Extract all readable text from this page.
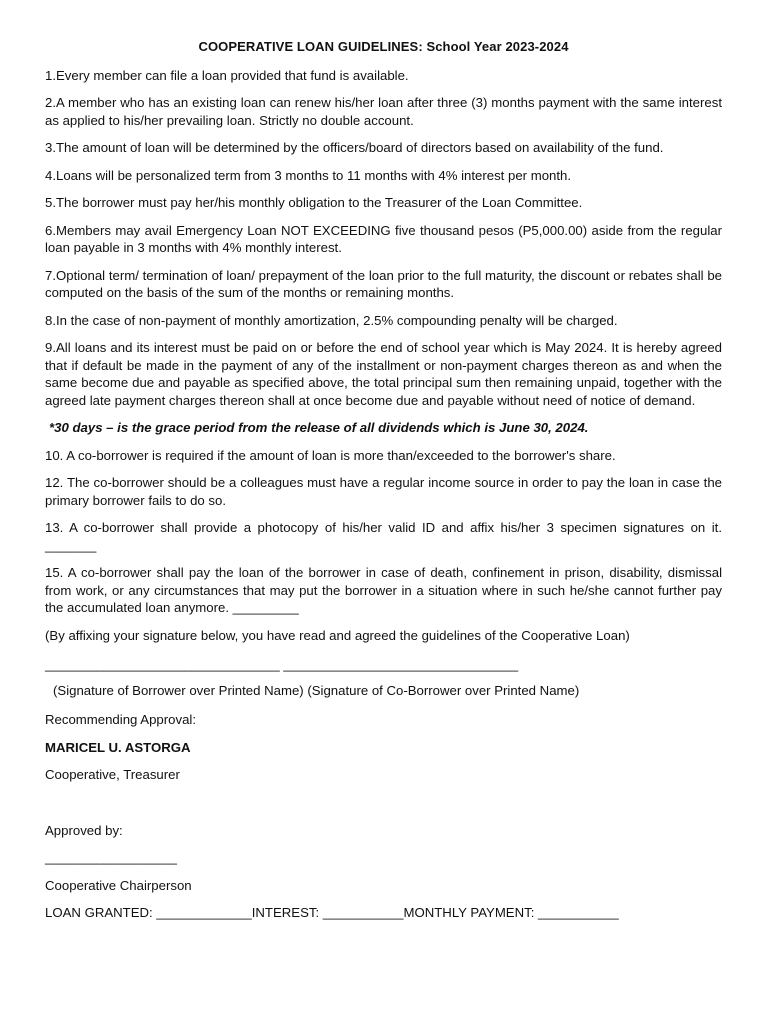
COOPERATIVE LOAN GUIDELINES: School Year 2023-2024

1.Every member can file a loan provided that fund is available.

2.A member who has an existing loan can renew his/her loan after three (3) months payment with the same interest as applied to his/her prevailing loan. Strictly no double account.

3.The amount of loan will be determined by the officers/board of directors based on availability of the fund.

4.Loans will be personalized term from 3 months to 11 months with 4% interest per month.

5.The borrower must pay her/his monthly obligation to the Treasurer of the Loan Committee.

6.Members may avail Emergency Loan NOT EXCEEDING five thousand pesos (P5,000.00) aside from the regular loan payable in 3 months with 4% monthly interest.

7.Optional term/ termination of loan/ prepayment of the loan prior to the full maturity, the discount or rebates shall be computed on the basis of the sum of the months or remaining months.

8.In the case of non-payment of monthly amortization, 2.5% compounding penalty will be charged.

9.All loans and its interest must be paid on or before the end of school year which is May 2024. It is hereby agreed that if default be made in the payment of any of the installment or non-payment charges thereon as and when the same become due and payable as specified above, the total principal sum then remaining unpaid, together with the agreed late payment charges thereon shall at once become due and payable without need of notice of demand.

*30 days – is the grace period from the release of all dividends which is June 30, 2024.

10. A co-borrower is required if the amount of loan is more than/exceeded to the borrower's share.

12. The co-borrower should be a colleagues must have a regular income source in order to pay the loan in case the primary borrower fails to do so.

13. A co-borrower shall provide a photocopy of his/her valid ID and affix his/her 3 specimen signatures on it. _______

15. A co-borrower shall pay the loan of the borrower in case of death, confinement in prison, disability, dismissal from work, or any circumstances that may put the borrower in a situation where in such he/she cannot further pay the accumulated loan anymore. _________

(By affixing your signature below, you have read and agreed the guidelines of the Cooperative Loan)

________________________________ ________________________________
(Signature of Borrower over Printed Name) (Signature of Co-Borrower over Printed Name)

Recommending Approval:

MARICEL U. ASTORGA

Cooperative, Treasurer

Approved by:

__________________

Cooperative Chairperson

LOAN GRANTED: _____________INTEREST: ___________MONTHLY PAYMENT: ___________
